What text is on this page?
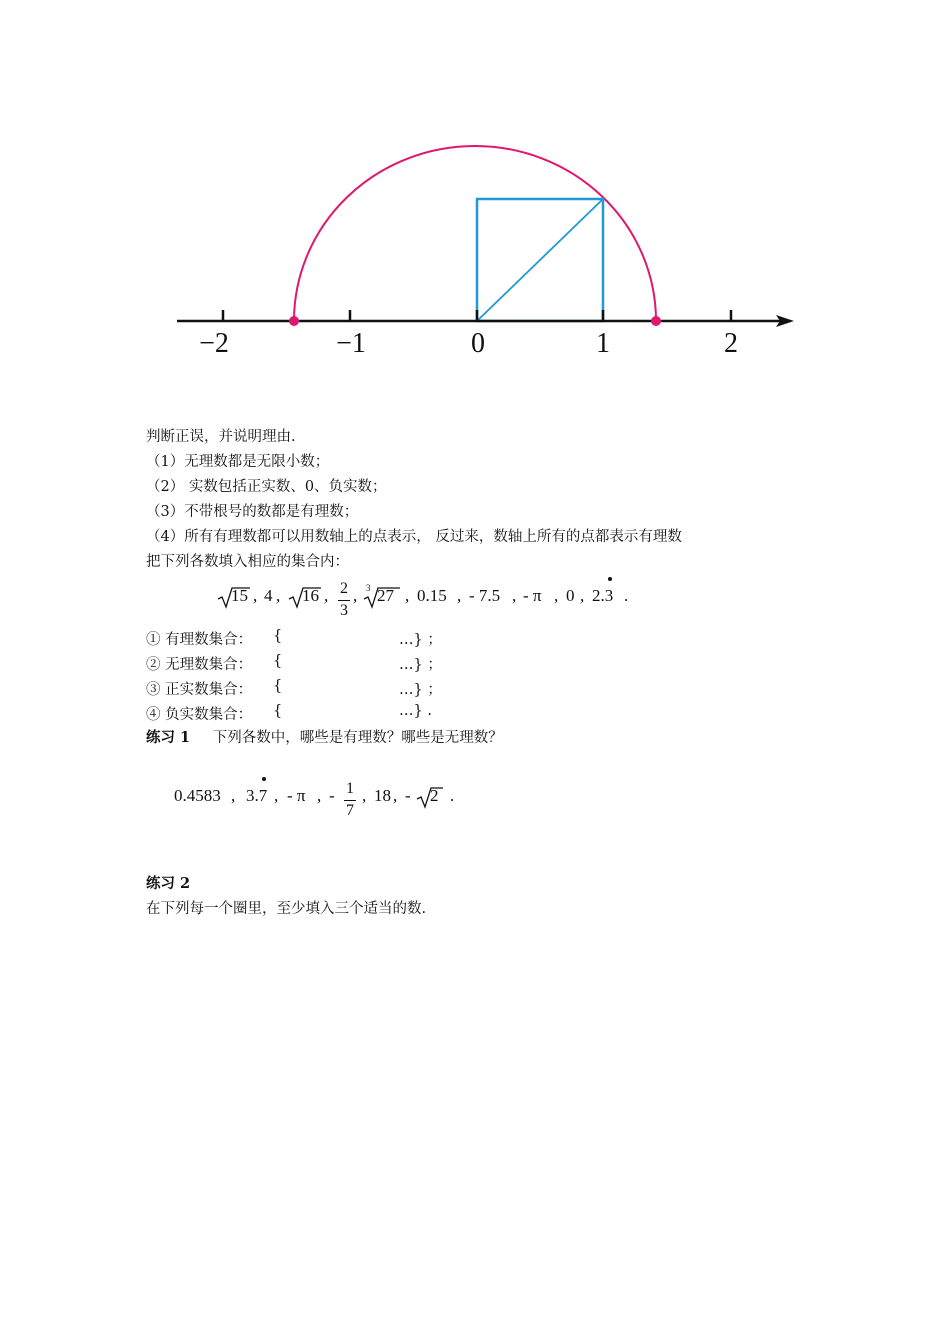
−2	−1	0	1	2
判断正误，并说明理由.
（1）无理数都是无限小数；
（2） 实数包括正实数、0、负实数；
（3）不带根号的数都是有理数；
（4）所有有理数都可以用数轴上的点表示， 反过来，数轴上所有的点都表示有理数
把下列各数填入相应的集合内：
15 , 4 , 16 , 2
3
, 3 27 , 0.15 , - 7.5 , - π , 0 , 2.3 .
① 有理数集合： {	…} ；
② 无理数集合： {	…} ；
③ 正实数集合： {	…} ；
④ 负实数集合： {	…} .
练习 1 下列各数中，哪些是有理数？哪些是无理数？
0.4583 , 3.7 , - π , - 1
7
, 18 , - 2 .
练习 2
在下列每一个圈里，至少填入三个适当的数.
